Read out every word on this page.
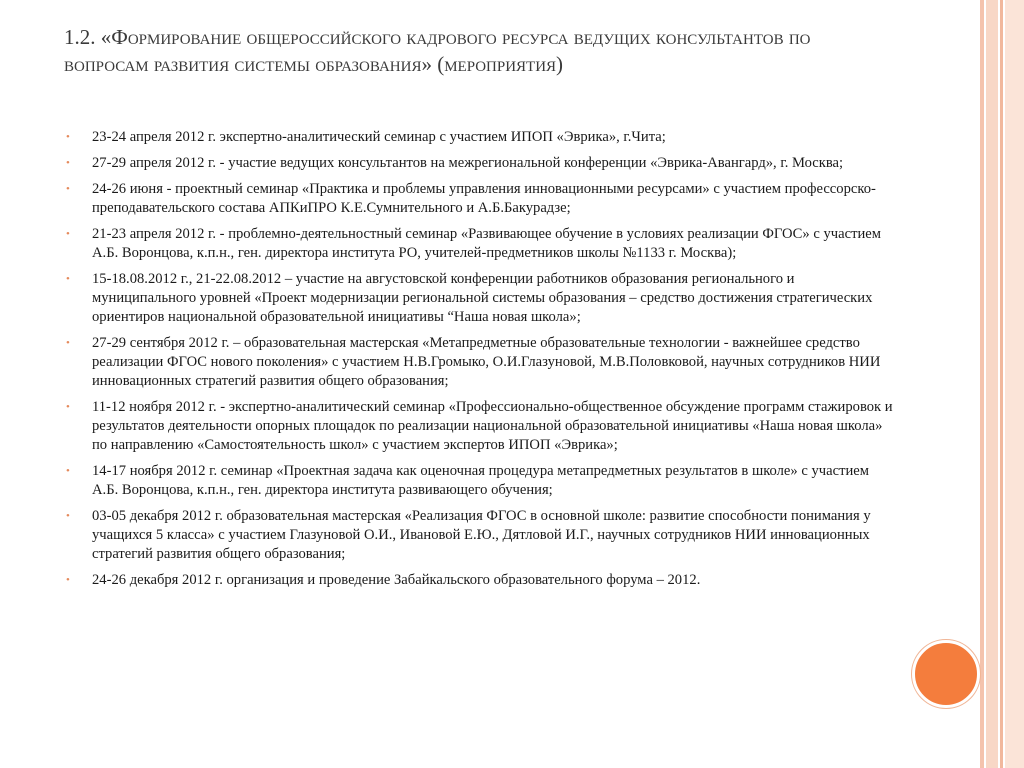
1.2. «Формирование общероссийского кадрового ресурса ведущих консультантов по вопросам развития системы образования» (мероприятия)
• 23-24 апреля 2012 г. экспертно-аналитический семинар с участием ИПОП «Эврика», г.Чита;
• 27-29 апреля 2012 г. - участие ведущих консультантов на межрегиональной конференции «Эврика-Авангард», г. Москва;
• 24-26 июня - проектный семинар «Практика и проблемы управления инновационными ресурсами» с участием профессорско-преподавательского состава АПКиПРО К.Е.Сумнительного и А.Б.Бакурадзе;
• 21-23 апреля 2012 г. - проблемно-деятельностный семинар «Развивающее обучение в условиях реализации ФГОС» с участием А.Б. Воронцова, к.п.н., ген. директора института РО, учителей-предметников школы №1133 г. Москва);
• 15-18.08.2012 г., 21-22.08.2012 – участие на августовской конференции работников образования регионального и муниципального уровней «Проект модернизации региональной системы образования – средство достижения стратегических ориентиров национальной образовательной инициативы “Наша новая школа»;
• 27-29 сентября 2012 г. – образовательная мастерская «Метапредметные образовательные технологии - важнейшее средство реализации ФГОС нового поколения» с участием Н.В.Громыко, О.И.Глазуновой, М.В.Половковой, научных сотрудников НИИ инновационных стратегий развития общего образования;
• 11-12 ноября 2012 г. - экспертно-аналитический семинар «Профессионально-общественное обсуждение программ стажировок и результатов деятельности опорных площадок по реализации национальной образовательной инициативы «Наша новая школа» по направлению «Самостоятельность школ» с участием экспертов ИПОП «Эврика»;
• 14-17 ноября 2012 г. семинар «Проектная задача как оценочная процедура метапредметных результатов в школе» с участием А.Б. Воронцова, к.п.н., ген. директора института развивающего обучения;
• 03-05 декабря 2012 г. образовательная мастерская «Реализация ФГОС в основной школе: развитие способности понимания у учащихся 5 класса» с участием Глазуновой О.И., Ивановой Е.Ю., Дятловой И.Г., научных сотрудников НИИ инновационных стратегий развития общего образования;
• 24-26 декабря 2012 г. организация и проведение Забайкальского образовательного форума – 2012.
